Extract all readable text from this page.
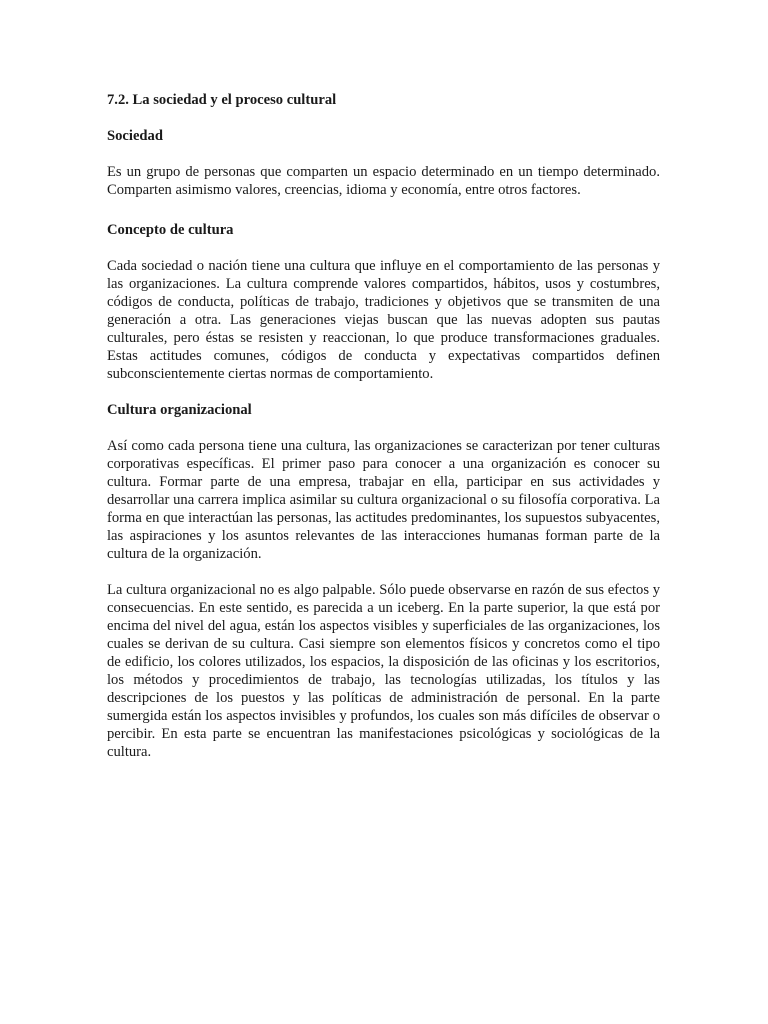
7.2. La sociedad y el proceso cultural

Sociedad

Es un grupo de personas que comparten un espacio determinado en un tiempo determinado. Comparten asimismo valores, creencias, idioma y economía, entre otros factores.

Concepto de cultura

Cada sociedad o nación tiene una cultura que influye en el comportamiento de las personas y las organizaciones. La cultura comprende valores compartidos, hábitos, usos y costumbres, códigos de conducta, políticas de trabajo, tradiciones y objetivos que se transmiten de una generación a otra. Las generaciones viejas buscan que las nuevas adopten sus pautas culturales, pero éstas se resisten y reaccionan, lo que produce transformaciones graduales. Estas actitudes comunes, códigos de conducta y expectativas compartidos definen subconscientemente ciertas normas de comportamiento.

Cultura organizacional

Así como cada persona tiene una cultura, las organizaciones se caracterizan por tener culturas corporativas específicas. El primer paso para conocer a una organización es conocer su cultura. Formar parte de una empresa, trabajar en ella, participar en sus actividades y desarrollar una carrera implica asimilar su cultura organizacional o su filosofía corporativa. La forma en que interactúan las personas, las actitudes predominantes, los supuestos subyacentes, las aspiraciones y los asuntos relevantes de las interacciones humanas forman parte de la cultura de la organización.

La cultura organizacional no es algo palpable. Sólo puede observarse en razón de sus efectos y consecuencias. En este sentido, es parecida a un iceberg. En la parte superior, la que está por encima del nivel del agua, están los aspectos visibles y superficiales de las organizaciones, los cuales se derivan de su cultura. Casi siempre son elementos físicos y concretos como el tipo de edificio, los colores utilizados, los espacios, la disposición de las oficinas y los escritorios, los métodos y procedimientos de trabajo, las tecnologías utilizadas, los títulos y las descripciones de los puestos y las políticas de administración de personal. En la parte sumergida están los aspectos invisibles y profundos, los cuales son más difíciles de observar o percibir. En esta parte se encuentran las manifestaciones psicológicas y sociológicas de la cultura.
